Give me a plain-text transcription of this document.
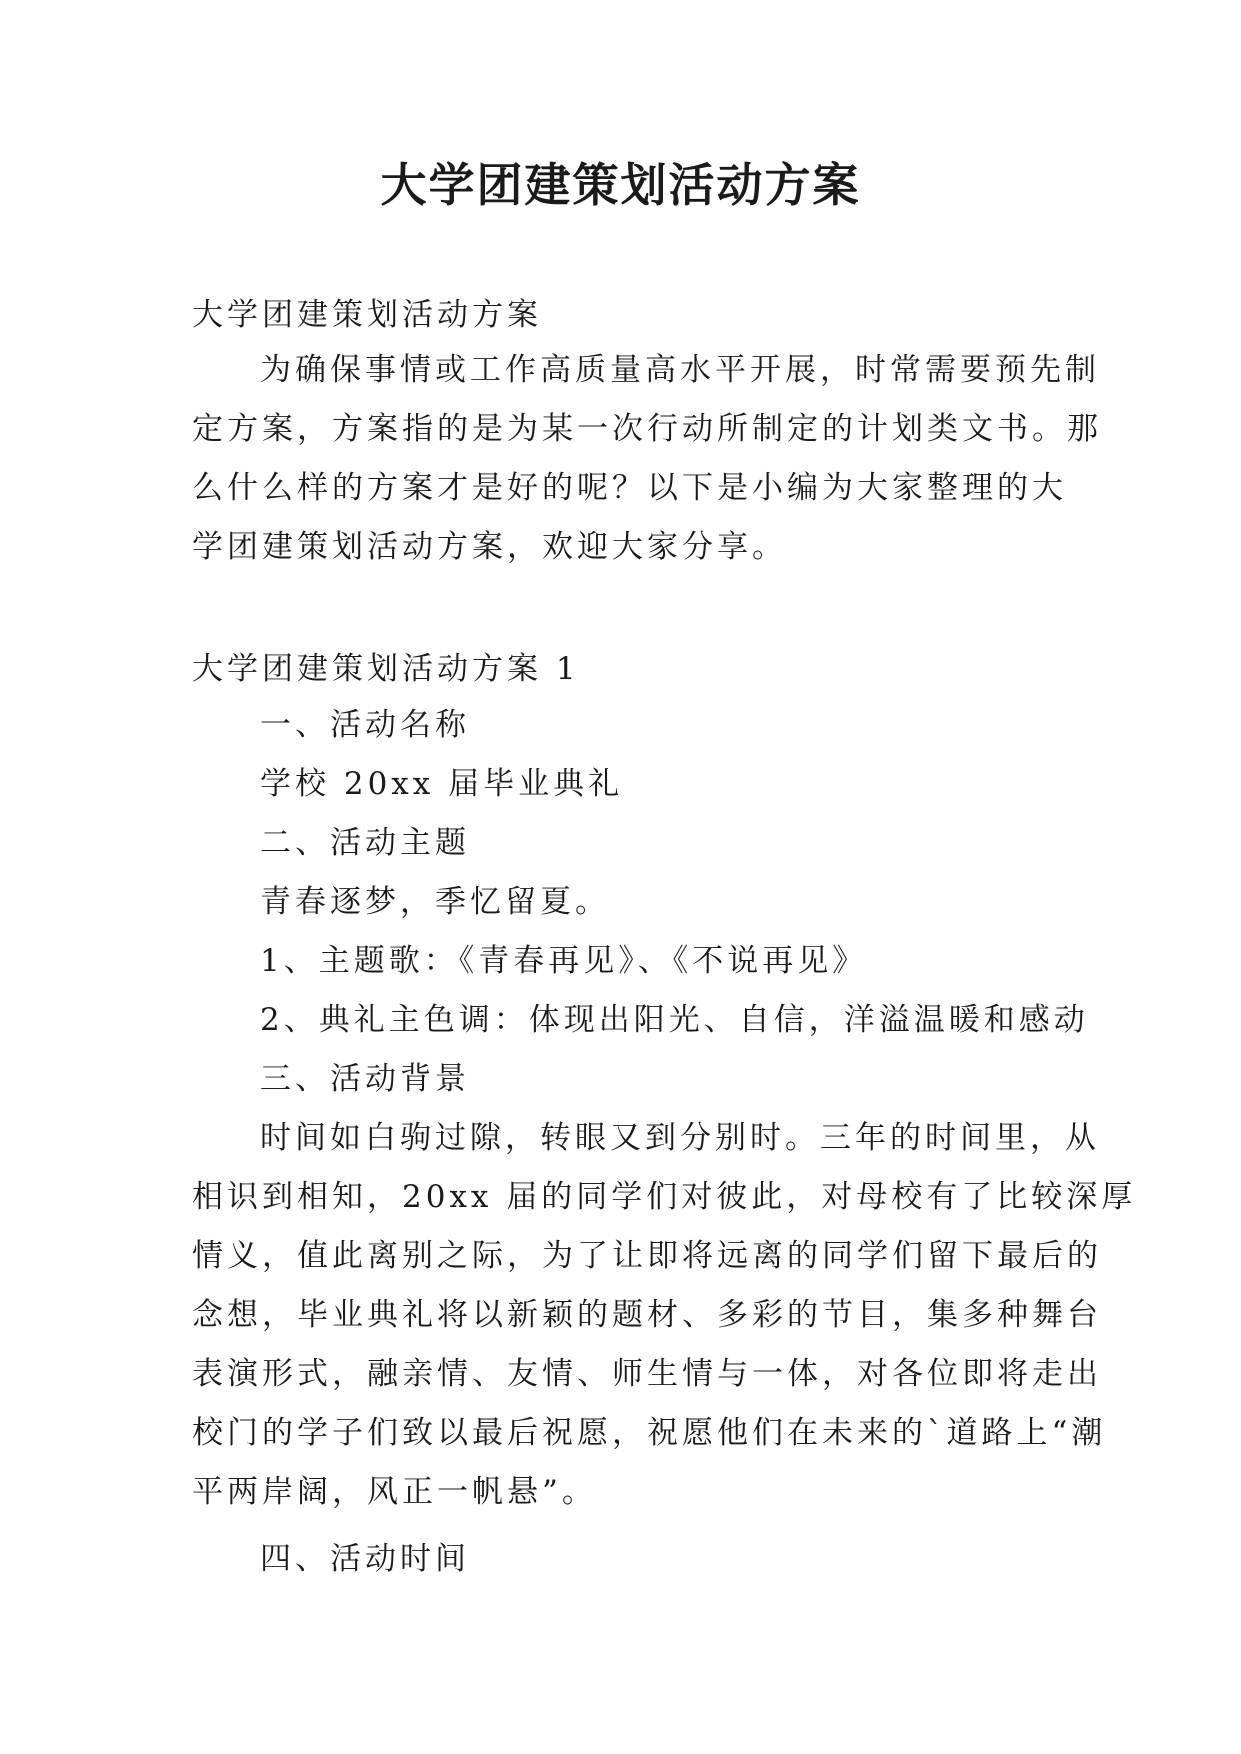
大学团建策划活动方案
大学团建策划活动方案
为确保事情或工作高质量高水平开展，时常需要预先制
定方案，方案指的是为某一次行动所制定的计划类文书。那
么什么样的方案才是好的呢？以下是小编为大家整理的大
学团建策划活动方案，欢迎大家分享。
大学团建策划活动方案 1
一、活动名称
学校 20xx 届毕业典礼
二、活动主题
青春逐梦，季忆留夏。
1、主题歌：《青春再见》、《不说再见》
2、典礼主色调：体现出阳光、自信，洋溢温暖和感动
三、活动背景
时间如白驹过隙，转眼又到分别时。三年的时间里，从
相识到相知，20xx 届的同学们对彼此，对母校有了比较深厚
情义，值此离别之际，为了让即将远离的同学们留下最后的
念想，毕业典礼将以新颖的题材、多彩的节目，集多种舞台
表演形式，融亲情、友情、师生情与一体，对各位即将走出
校门的学子们致以最后祝愿，祝愿他们在未来的`道路上“潮
平两岸阔，风正一帆悬”。
四、活动时间
